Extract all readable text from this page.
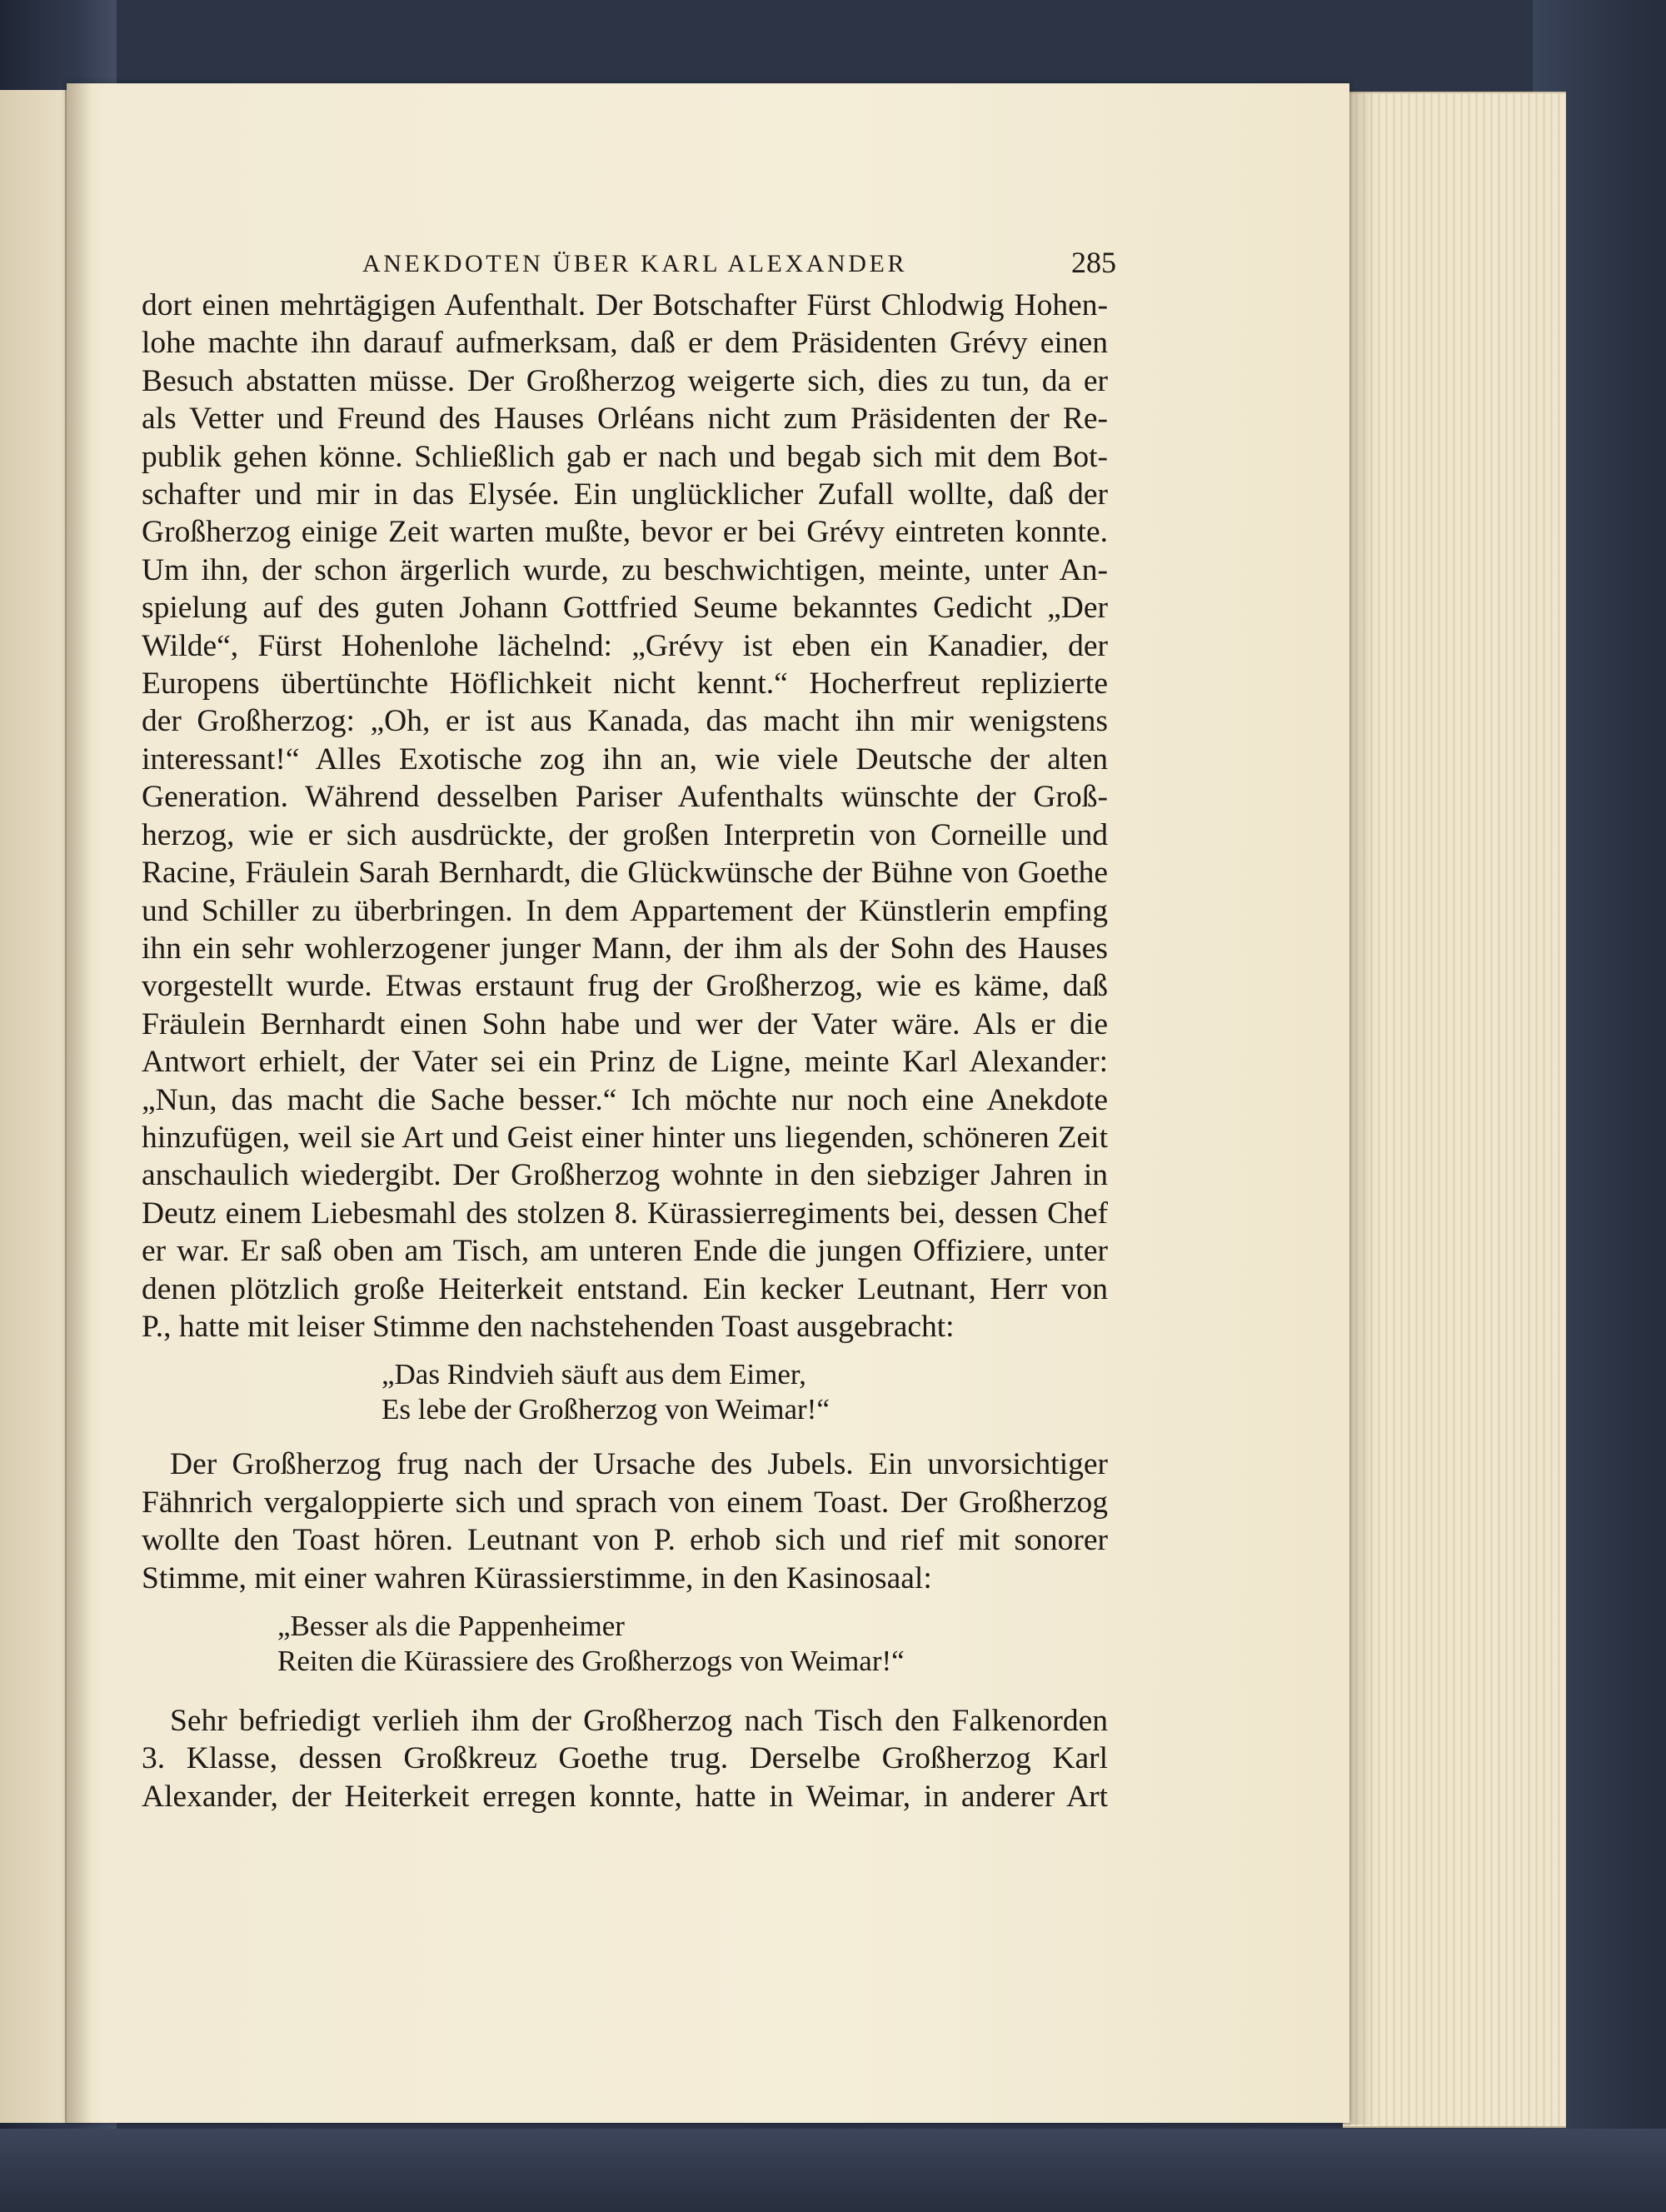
ANEKDOTEN ÜBER KARL ALEXANDER	285
dort einen mehrtägigen Aufenthalt. Der Botschafter Fürst Chlodwig Hohen-
lohe machte ihn darauf aufmerksam, daß er dem Präsidenten Grévy einen
Besuch abstatten müsse. Der Großherzog weigerte sich, dies zu tun, da er
als Vetter und Freund des Hauses Orléans nicht zum Präsidenten der Re-
publik gehen könne. Schließlich gab er nach und begab sich mit dem Bot-
schafter und mir in das Elysée. Ein unglücklicher Zufall wollte, daß der
Großherzog einige Zeit warten mußte, bevor er bei Grévy eintreten konnte.
Um ihn, der schon ärgerlich wurde, zu beschwichtigen, meinte, unter An-
spielung auf des guten Johann Gottfried Seume bekanntes Gedicht „Der
Wilde“, Fürst Hohenlohe lächelnd: „Grévy ist eben ein Kanadier, der
Europens übertünchte Höflichkeit nicht kennt.“ Hocherfreut replizierte
der Großherzog: „Oh, er ist aus Kanada, das macht ihn mir wenigstens
interessant!“ Alles Exotische zog ihn an, wie viele Deutsche der alten
Generation. Während desselben Pariser Aufenthalts wünschte der Groß-
herzog, wie er sich ausdrückte, der großen Interpretin von Corneille und
Racine, Fräulein Sarah Bernhardt, die Glückwünsche der Bühne von Goethe
und Schiller zu überbringen. In dem Appartement der Künstlerin empfing
ihn ein sehr wohlerzogener junger Mann, der ihm als der Sohn des Hauses
vorgestellt wurde. Etwas erstaunt frug der Großherzog, wie es käme, daß
Fräulein Bernhardt einen Sohn habe und wer der Vater wäre. Als er die
Antwort erhielt, der Vater sei ein Prinz de Ligne, meinte Karl Alexander:
„Nun, das macht die Sache besser.“ Ich möchte nur noch eine Anekdote
hinzufügen, weil sie Art und Geist einer hinter uns liegenden, schöneren Zeit
anschaulich wiedergibt. Der Großherzog wohnte in den siebziger Jahren in
Deutz einem Liebesmahl des stolzen 8. Kürassierregiments bei, dessen Chef
er war. Er saß oben am Tisch, am unteren Ende die jungen Offiziere, unter
denen plötzlich große Heiterkeit entstand. Ein kecker Leutnant, Herr von
P., hatte mit leiser Stimme den nachstehenden Toast ausgebracht:
„Das Rindvieh säuft aus dem Eimer,
Es lebe der Großherzog von Weimar!“
Der Großherzog frug nach der Ursache des Jubels. Ein unvorsichtiger
Fähnrich vergaloppierte sich und sprach von einem Toast. Der Großherzog
wollte den Toast hören. Leutnant von P. erhob sich und rief mit sonorer
Stimme, mit einer wahren Kürassierstimme, in den Kasinosaal:
„Besser als die Pappenheimer
Reiten die Kürassiere des Großherzogs von Weimar!“
Sehr befriedigt verlieh ihm der Großherzog nach Tisch den Falkenorden
3. Klasse, dessen Großkreuz Goethe trug. Derselbe Großherzog Karl
Alexander, der Heiterkeit erregen konnte, hatte in Weimar, in anderer Art
